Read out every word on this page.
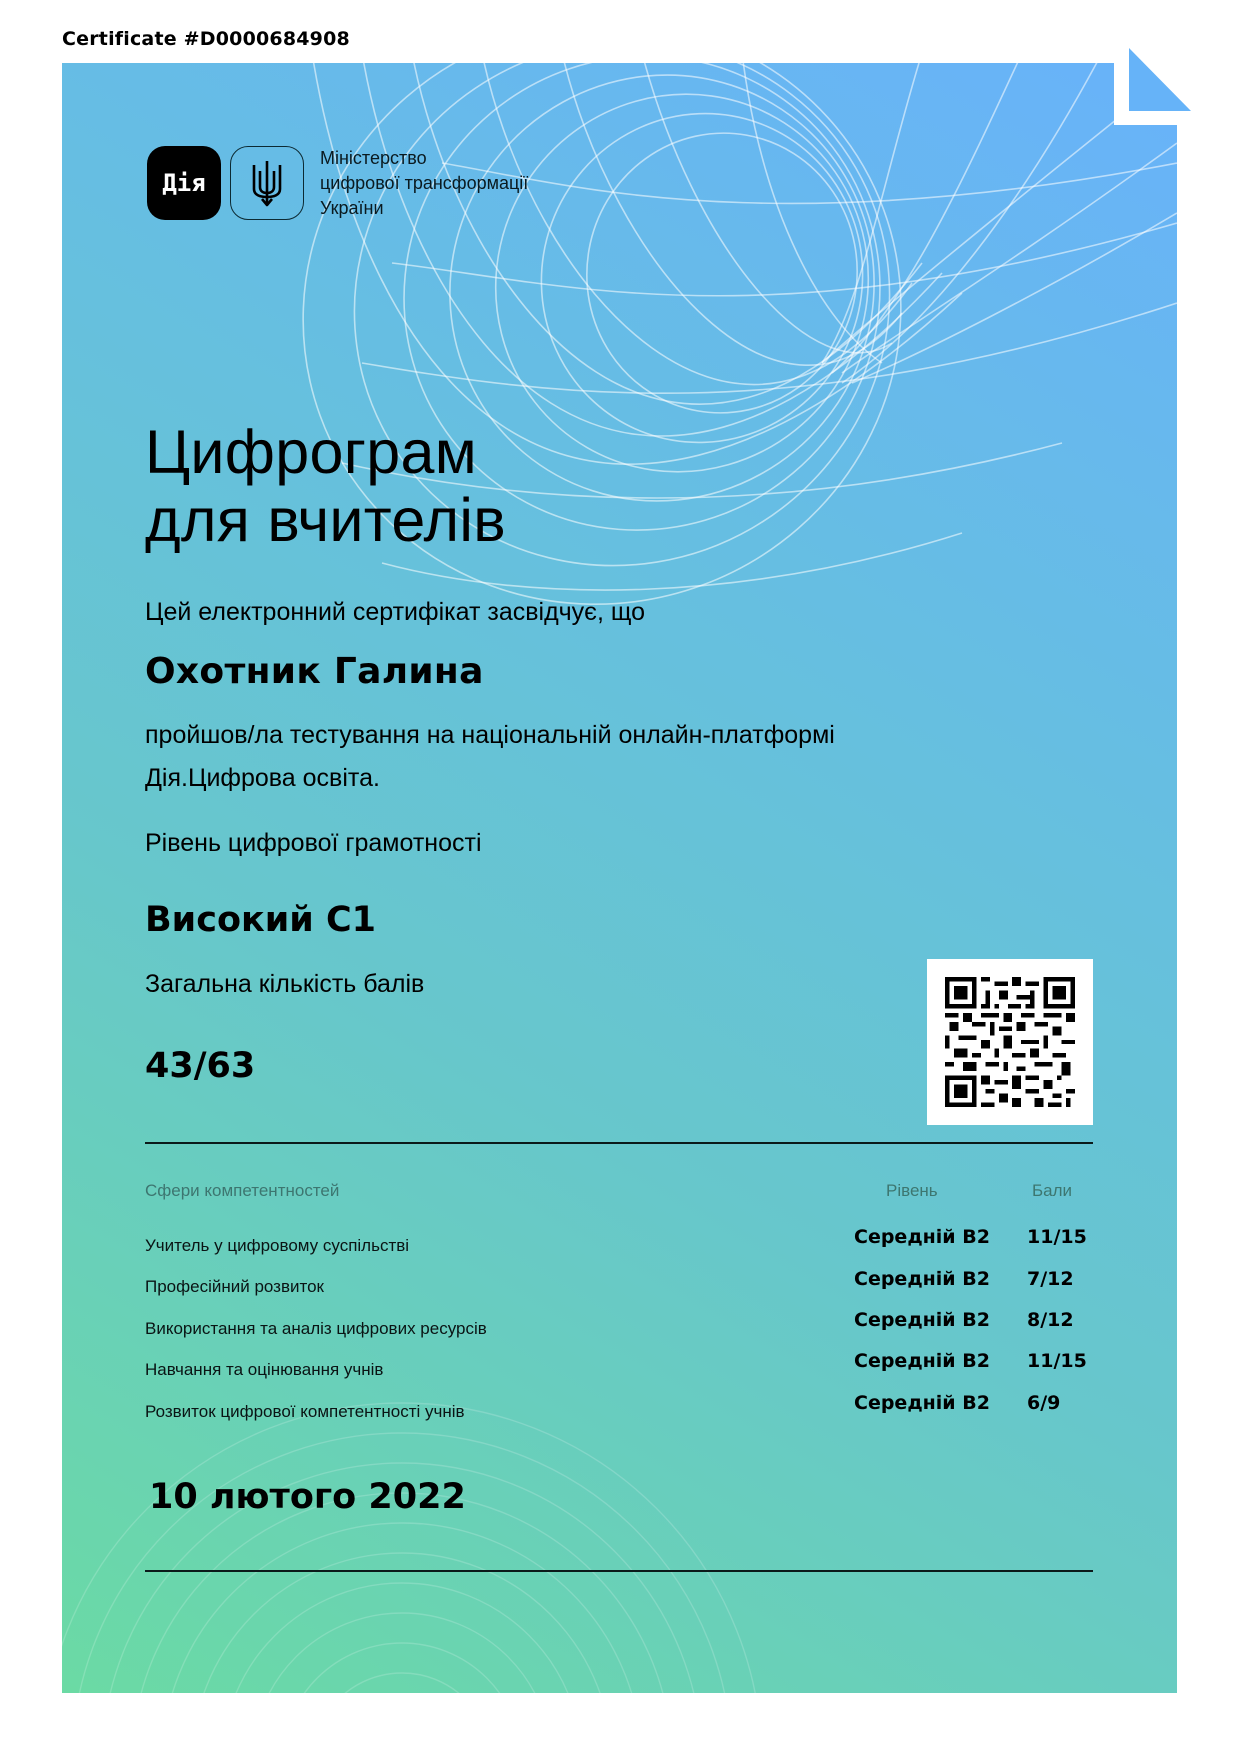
Certificate #D0000684908
Дія
Міністерство
цифрової трансформації
України
Цифрограм
для вчителів
Цей електронний сертифікат засвідчує, що
Охотник Галина
пройшов/ла тестування на національній онлайн-платформі
Дія.Цифрова освіта.
Рівень цифрової грамотності
Високий С1
Загальна кількість балів
43/63
Сфери компетентностей	Рівень	Бали
Учитель у цифровому суспільстві	Середній В2 11/15
Професійний розвиток	Середній В2 7/12
Використання та аналіз цифрових ресурсів	Середній В2 8/12
Навчання та оцінювання учнів	Середній В2 11/15
Розвиток цифрової компетентності учнів	Середній В2 6/9
10 лютого 2022
